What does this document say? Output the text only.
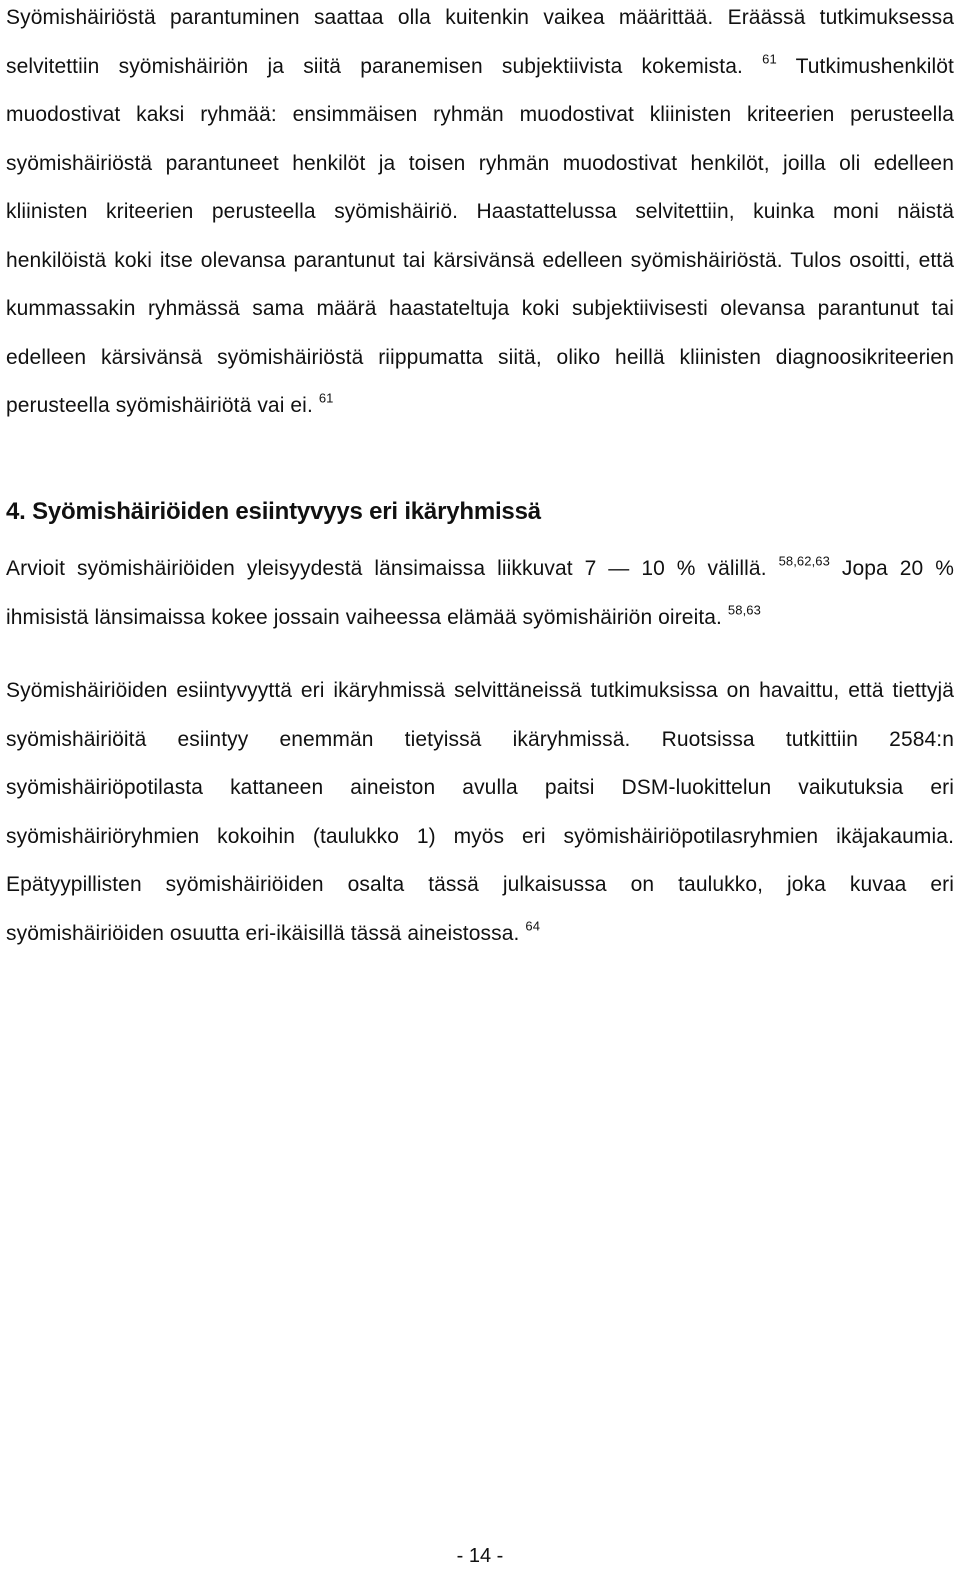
Syömishäiriöstä parantuminen saattaa olla kuitenkin vaikea määrittää. Eräässä tutkimuksessa selvitettiin syömishäiriön ja siitä paranemisen subjektiivista kokemista. $^{61}$ Tutkimushenkilöt muodostivat kaksi ryhmää: ensimmäisen ryhmän muodostivat kliinisten kriteerien perusteella syömishäiriöstä parantuneet henkilöt ja toisen ryhmän muodostivat henkilöt, joilla oli edelleen kliinisten kriteerien perusteella syömishäiriö. Haastattelussa selvitettiin, kuinka moni näistä henkilöistä koki itse olevansa parantunut tai kärsivänsä edelleen syömishäiriöstä. Tulos osoitti, että kummassakin ryhmässä sama määrä haastateltuja koki subjektiivisesti olevansa parantunut tai edelleen kärsivänsä syömishäiriöstä riippumatta siitä, oliko heillä kliinisten diagnoosikriteerien perusteella syömishäiriötä vai ei. $^{61}$

4. Syömishäiriöiden esiintyvyys eri ikäryhmissä

Arvioit syömishäiriöiden yleisyydestä länsimaissa liikkuvat 7 — 10 % välillä. $^{58,62,63}$ Jopa 20 % ihmisistä länsimaissa kokee jossain vaiheessa elämää syömishäiriön oireita. $^{58,63}$

Syömishäiriöiden esiintyvyyttä eri ikäryhmissä selvittäneissä tutkimuksissa on havaittu, että tiettyjä syömishäiriöitä esiintyy enemmän tietyissä ikäryhmissä. Ruotsissa tutkittiin 2584:n syömishäiriöpotilasta kattaneen aineiston avulla paitsi DSM-luokittelun vaikutuksia eri syömishäiriöryhmien kokoihin (taulukko 1) myös eri syömishäiriöpotilasryhmien ikäjakaumia. Epätyypillisten syömishäiriöiden osalta tässä julkaisussa on taulukko, joka kuvaa eri syömishäiriöiden osuutta eri-ikäisillä tässä aineistossa. $^{64}$

- 14 -
